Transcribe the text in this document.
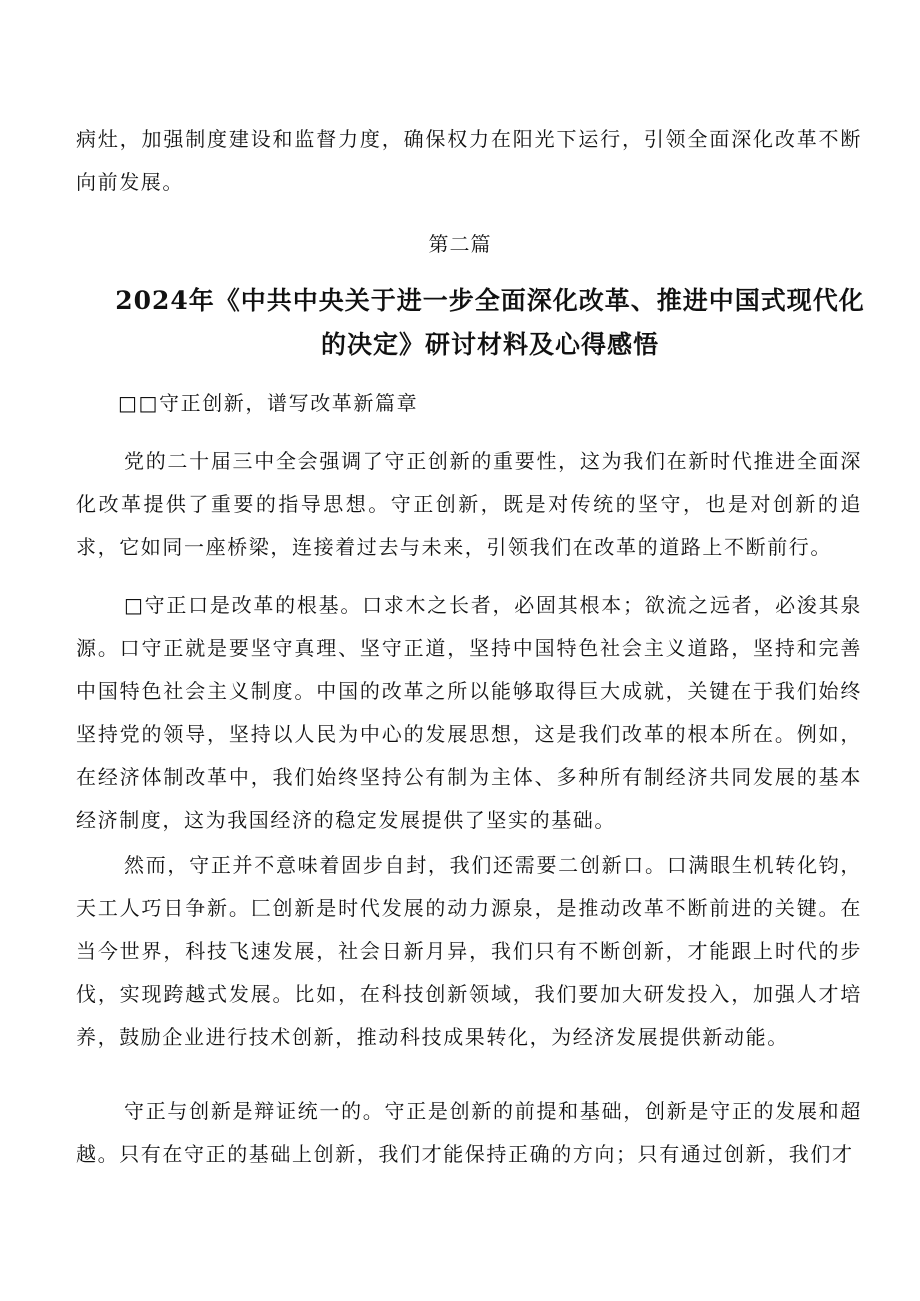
病灶，加强制度建设和监督力度，确保权力在阳光下运行，引领全面深化改革不断向前发展。

第二篇

2024年《中共中央关于进一步全面深化改革、推进中国式现代化的决定》研讨材料及心得感悟

□□守正创新，谱写改革新篇章

党的二十届三中全会强调了守正创新的重要性，这为我们在新时代推进全面深化改革提供了重要的指导思想。守正创新，既是对传统的坚守，也是对创新的追求，它如同一座桥梁，连接着过去与未来，引领我们在改革的道路上不断前行。

□守正口是改革的根基。口求木之长者，必固其根本；欲流之远者，必浚其泉源。口守正就是要坚守真理、坚守正道，坚持中国特色社会主义道路，坚持和完善中国特色社会主义制度。中国的改革之所以能够取得巨大成就，关键在于我们始终坚持党的领导，坚持以人民为中心的发展思想，这是我们改革的根本所在。例如，在经济体制改革中，我们始终坚持公有制为主体、多种所有制经济共同发展的基本经济制度，这为我国经济的稳定发展提供了坚实的基础。

然而，守正并不意味着固步自封，我们还需要二创新口。口满眼生机转化钧，天工人巧日争新。匚创新是时代发展的动力源泉，是推动改革不断前进的关键。在当今世界，科技飞速发展，社会日新月异，我们只有不断创新，才能跟上时代的步伐，实现跨越式发展。比如，在科技创新领域，我们要加大研发投入，加强人才培养，鼓励企业进行技术创新，推动科技成果转化，为经济发展提供新动能。

守正与创新是辩证统一的。守正是创新的前提和基础，创新是守正的发展和超越。只有在守正的基础上创新，我们才能保持正确的方向；只有通过创新，我们才
